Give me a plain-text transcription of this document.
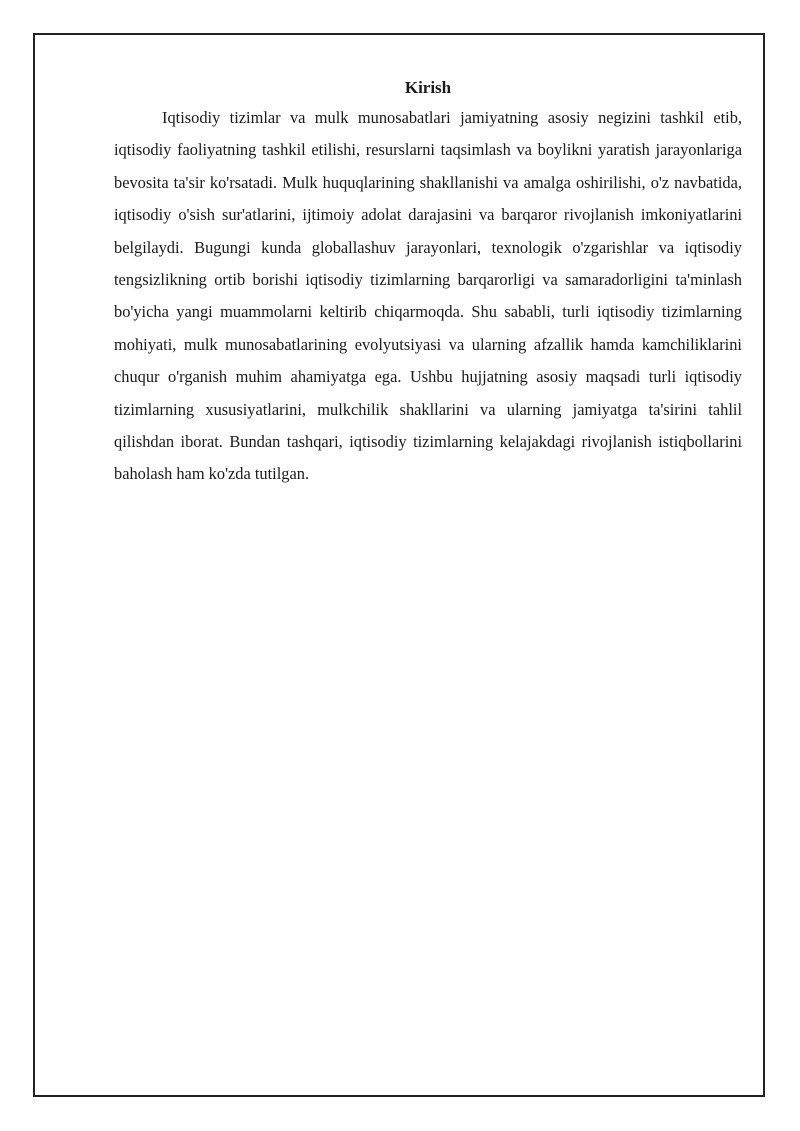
Kirish

Iqtisodiy tizimlar va mulk munosabatlari jamiyatning asosiy negizini tashkil etib, iqtisodiy faoliyatning tashkil etilishi, resurslarni taqsimlash va boylikni yaratish jarayonlariga bevosita ta'sir ko'rsatadi. Mulk huquqlarining shakllanishi va amalga oshirilishi, o'z navbatida, iqtisodiy o'sish sur'atlarini, ijtimoiy adolat darajasini va barqaror rivojlanish imkoniyatlarini belgilaydi. Bugungi kunda globallashuv jarayonlari, texnologik o'zgarishlar va iqtisodiy tengsizlikning ortib borishi iqtisodiy tizimlarning barqarorligi va samaradorligini ta'minlash bo'yicha yangi muammolarni keltirib chiqarmoqda. Shu sababli, turli iqtisodiy tizimlarning mohiyati, mulk munosabatlarining evolyutsiyasi va ularning afzallik hamda kamchiliklarini chuqur o'rganish muhim ahamiyatga ega. Ushbu hujjatning asosiy maqsadi turli iqtisodiy tizimlarning xususiyatlarini, mulkchilik shakllarini va ularning jamiyatga ta'sirini tahlil qilishdan iborat. Bundan tashqari, iqtisodiy tizimlarning kelajakdagi rivojlanish istiqbollarini baholash ham ko'zda tutilgan.
